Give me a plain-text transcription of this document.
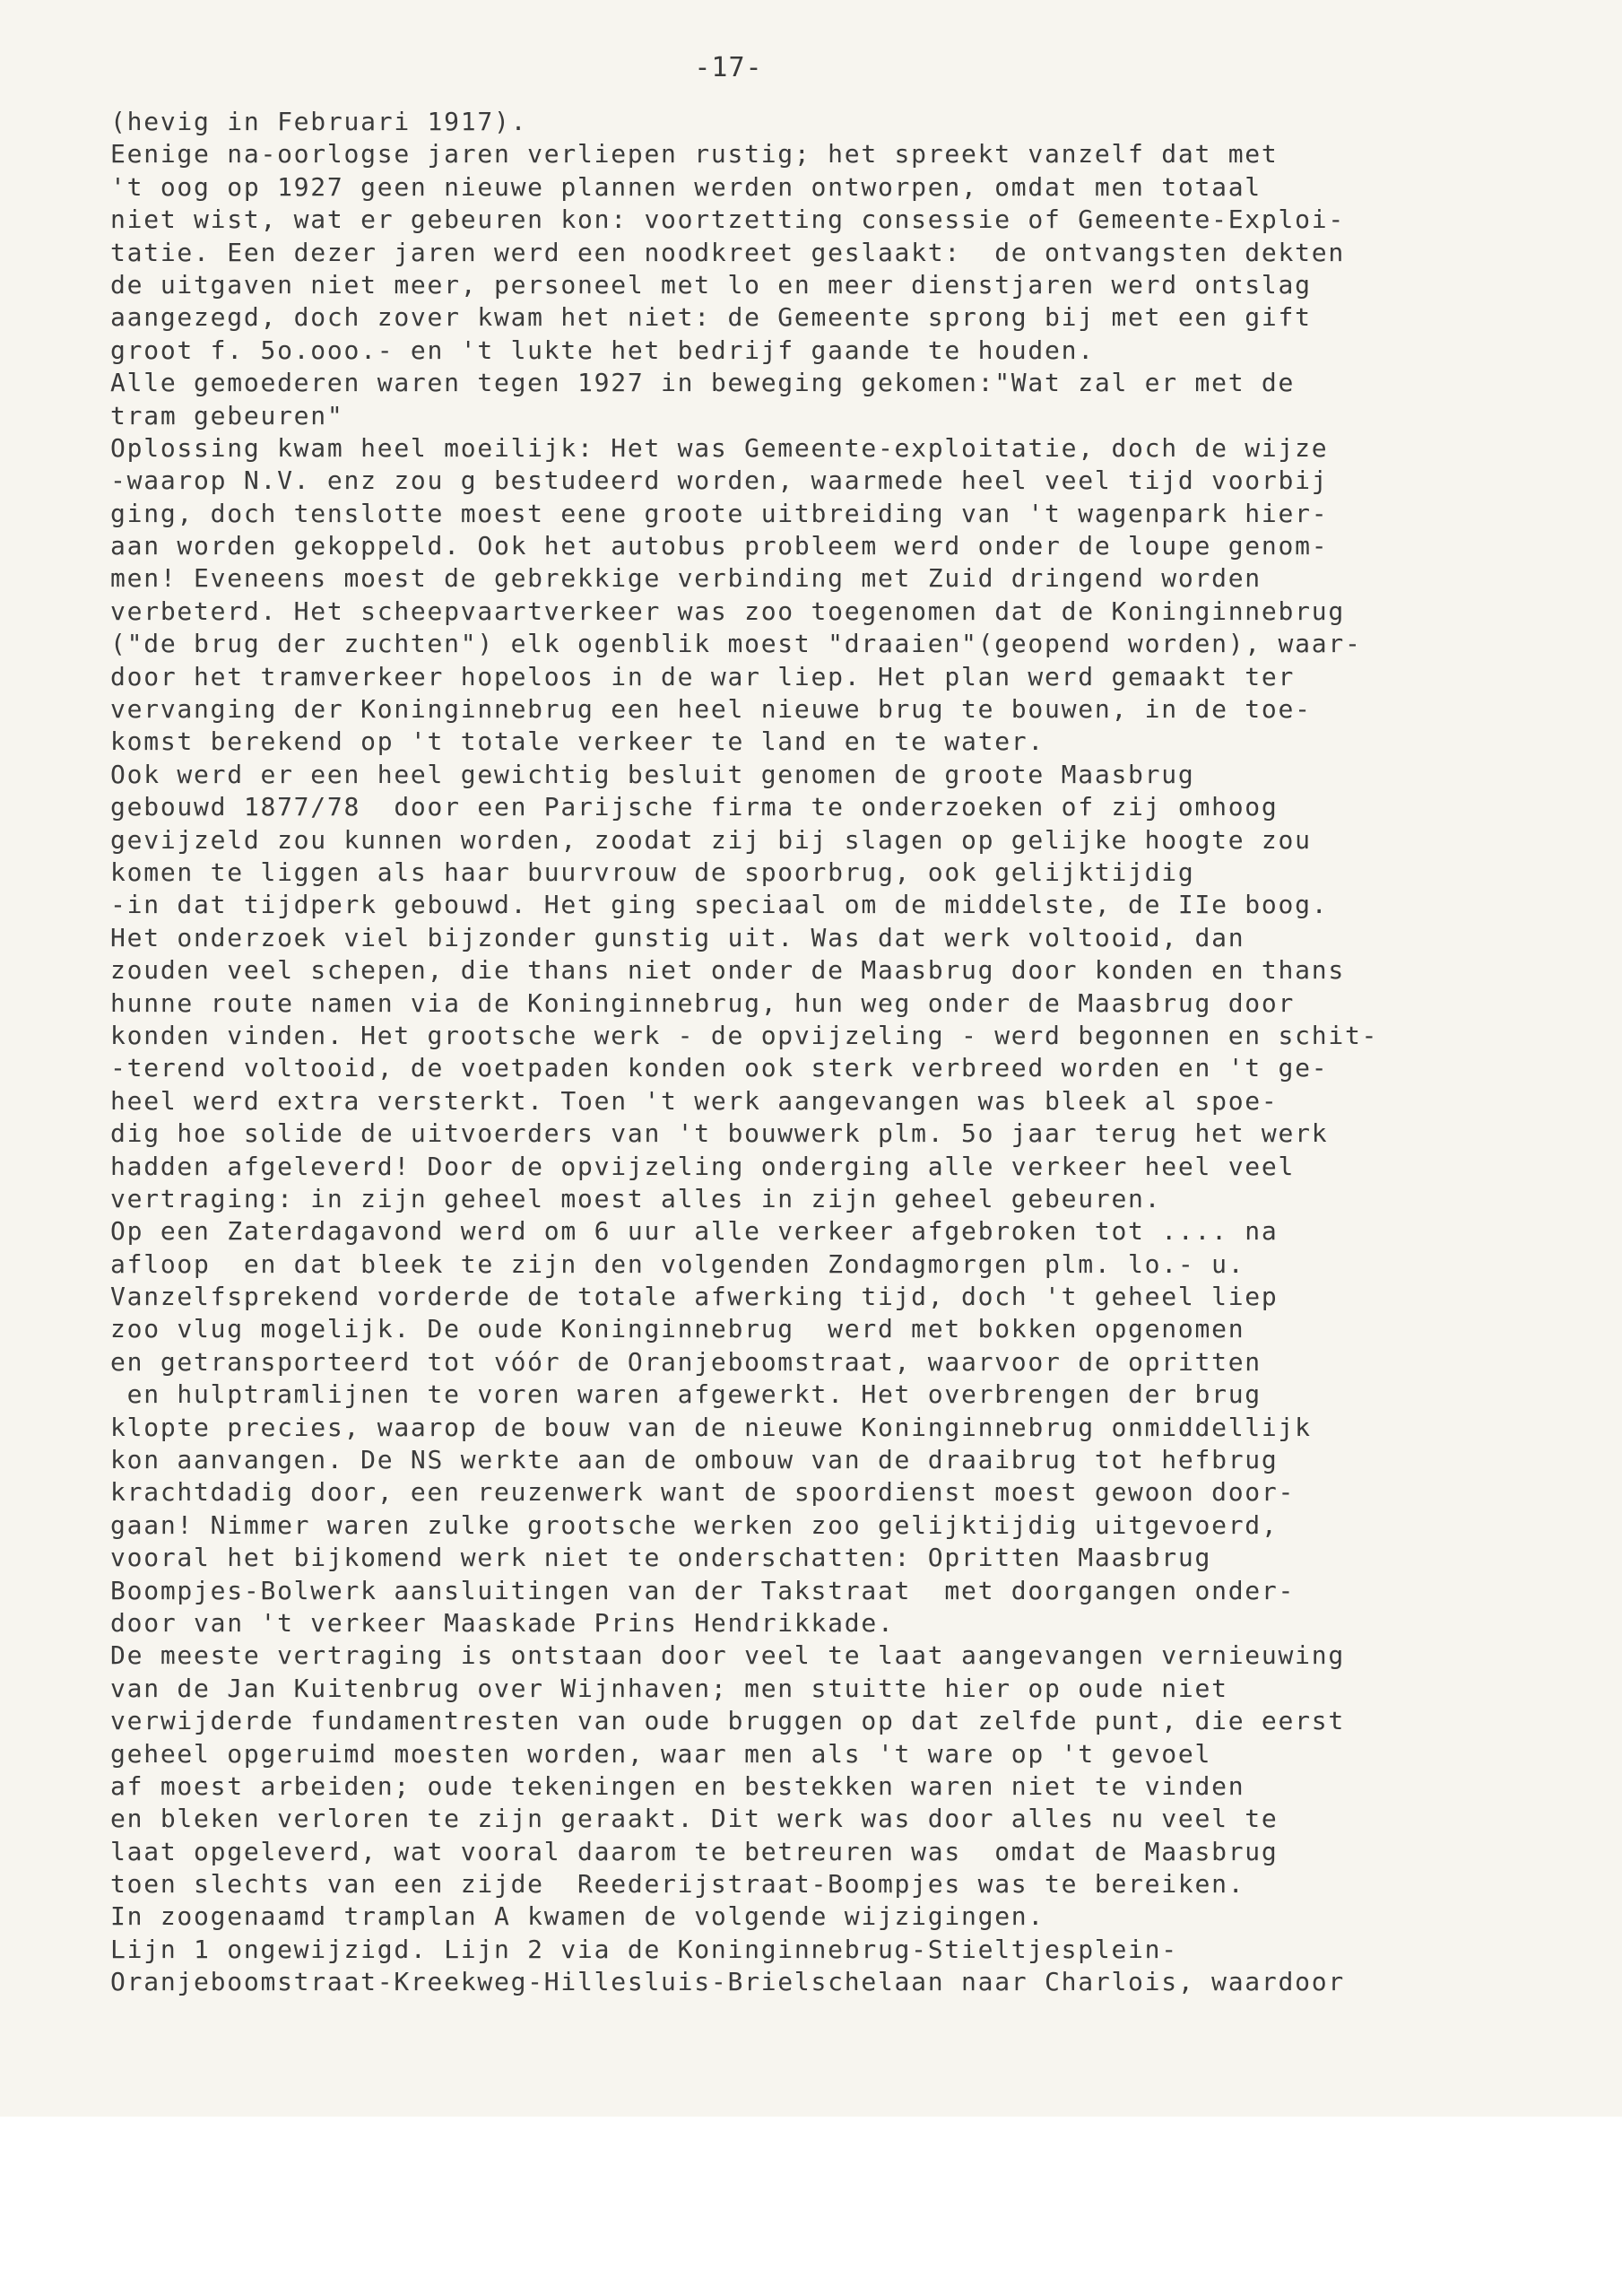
-17-
(hevig in Februari 1917).
Eenige na-oorlogse jaren verliepen rustig; het spreekt vanzelf dat met
't oog op 1927 geen nieuwe plannen werden ontworpen, omdat men totaal
niet wist, wat er gebeuren kon: voortzetting consessie of Gemeente-Exploi-
tatie. Een dezer jaren werd een noodkreet geslaakt:  de ontvangsten dekten
de uitgaven niet meer, personeel met lo en meer dienstjaren werd ontslag
aangezegd, doch zover kwam het niet: de Gemeente sprong bij met een gift
groot f. 5o.ooo.- en 't lukte het bedrijf gaande te houden.
Alle gemoederen waren tegen 1927 in beweging gekomen:"Wat zal er met de
tram gebeuren"
Oplossing kwam heel moeilijk: Het was Gemeente-exploitatie, doch de wijze
-waarop N.V. enz zou g bestudeerd worden, waarmede heel veel tijd voorbij
ging, doch tenslotte moest eene groote uitbreiding van 't wagenpark hier-
aan worden gekoppeld. Ook het autobus probleem werd onder de loupe genom-
men! Eveneens moest de gebrekkige verbinding met Zuid dringend worden
verbeterd. Het scheepvaartverkeer was zoo toegenomen dat de Koninginnebrug
("de brug der zuchten") elk ogenblik moest "draaien"(geopend worden), waar-
door het tramverkeer hopeloos in de war liep. Het plan werd gemaakt ter
vervanging der Koninginnebrug een heel nieuwe brug te bouwen, in de toe-
komst berekend op 't totale verkeer te land en te water.
Ook werd er een heel gewichtig besluit genomen de groote Maasbrug
gebouwd 1877/78  door een Parijsche firma te onderzoeken of zij omhoog
gevijzeld zou kunnen worden, zoodat zij bij slagen op gelijke hoogte zou
komen te liggen als haar buurvrouw de spoorbrug, ook gelijktijdig
-in dat tijdperk gebouwd. Het ging speciaal om de middelste, de IIe boog.
Het onderzoek viel bijzonder gunstig uit. Was dat werk voltooid, dan
zouden veel schepen, die thans niet onder de Maasbrug door konden en thans
hunne route namen via de Koninginnebrug, hun weg onder de Maasbrug door
konden vinden. Het grootsche werk - de opvijzeling - werd begonnen en schit-
-terend voltooid, de voetpaden konden ook sterk verbreed worden en 't ge-
heel werd extra versterkt. Toen 't werk aangevangen was bleek al spoe-
dig hoe solide de uitvoerders van 't bouwwerk plm. 5o jaar terug het werk
hadden afgeleverd! Door de opvijzeling onderging alle verkeer heel veel
vertraging: in zijn geheel moest alles in zijn geheel gebeuren.
Op een Zaterdagavond werd om 6 uur alle verkeer afgebroken tot .... na
afloop  en dat bleek te zijn den volgenden Zondagmorgen plm. lo.- u.
Vanzelfsprekend vorderde de totale afwerking tijd, doch 't geheel liep
zoo vlug mogelijk. De oude Koninginnebrug  werd met bokken opgenomen
en getransporteerd tot vóór de Oranjeboomstraat, waarvoor de opritten
en hulptramlijnen te voren waren afgewerkt. Het overbrengen der brug
klopte precies, waarop de bouw van de nieuwe Koninginnebrug onmiddellijk
kon aanvangen. De NS werkte aan de ombouw van de draaibrug tot hefbrug
krachtdadig door, een reuzenwerk want de spoordienst moest gewoon door-
gaan! Nimmer waren zulke grootsche werken zoo gelijktijdig uitgevoerd,
vooral het bijkomend werk niet te onderschatten: Opritten Maasbrug
Boompjes-Bolwerk aansluitingen van der Takstraat  met doorgangen onder-
door van 't verkeer Maaskade Prins Hendrikkade.
De meeste vertraging is ontstaan door veel te laat aangevangen vernieuwing
van de Jan Kuitenbrug over Wijnhaven; men stuitte hier op oude niet
verwijderde fundamentresten van oude bruggen op dat zelfde punt, die eerst
geheel opgeruimd moesten worden, waar men als 't ware op 't gevoel
af moest arbeiden; oude tekeningen en bestekken waren niet te vinden
en bleken verloren te zijn geraakt. Dit werk was door alles nu veel te
laat opgeleverd, wat vooral daarom te betreuren was  omdat de Maasbrug
toen slechts van een zijde  Reederijstraat-Boompjes was te bereiken.
In zoogenaamd tramplan A kwamen de volgende wijzigingen.
Lijn 1 ongewijzigd. Lijn 2 via de Koninginnebrug-Stieltjesplein-
Oranjeboomstraat-Kreekweg-Hillesluis-Brielschelaan naar Charlois, waardoor
